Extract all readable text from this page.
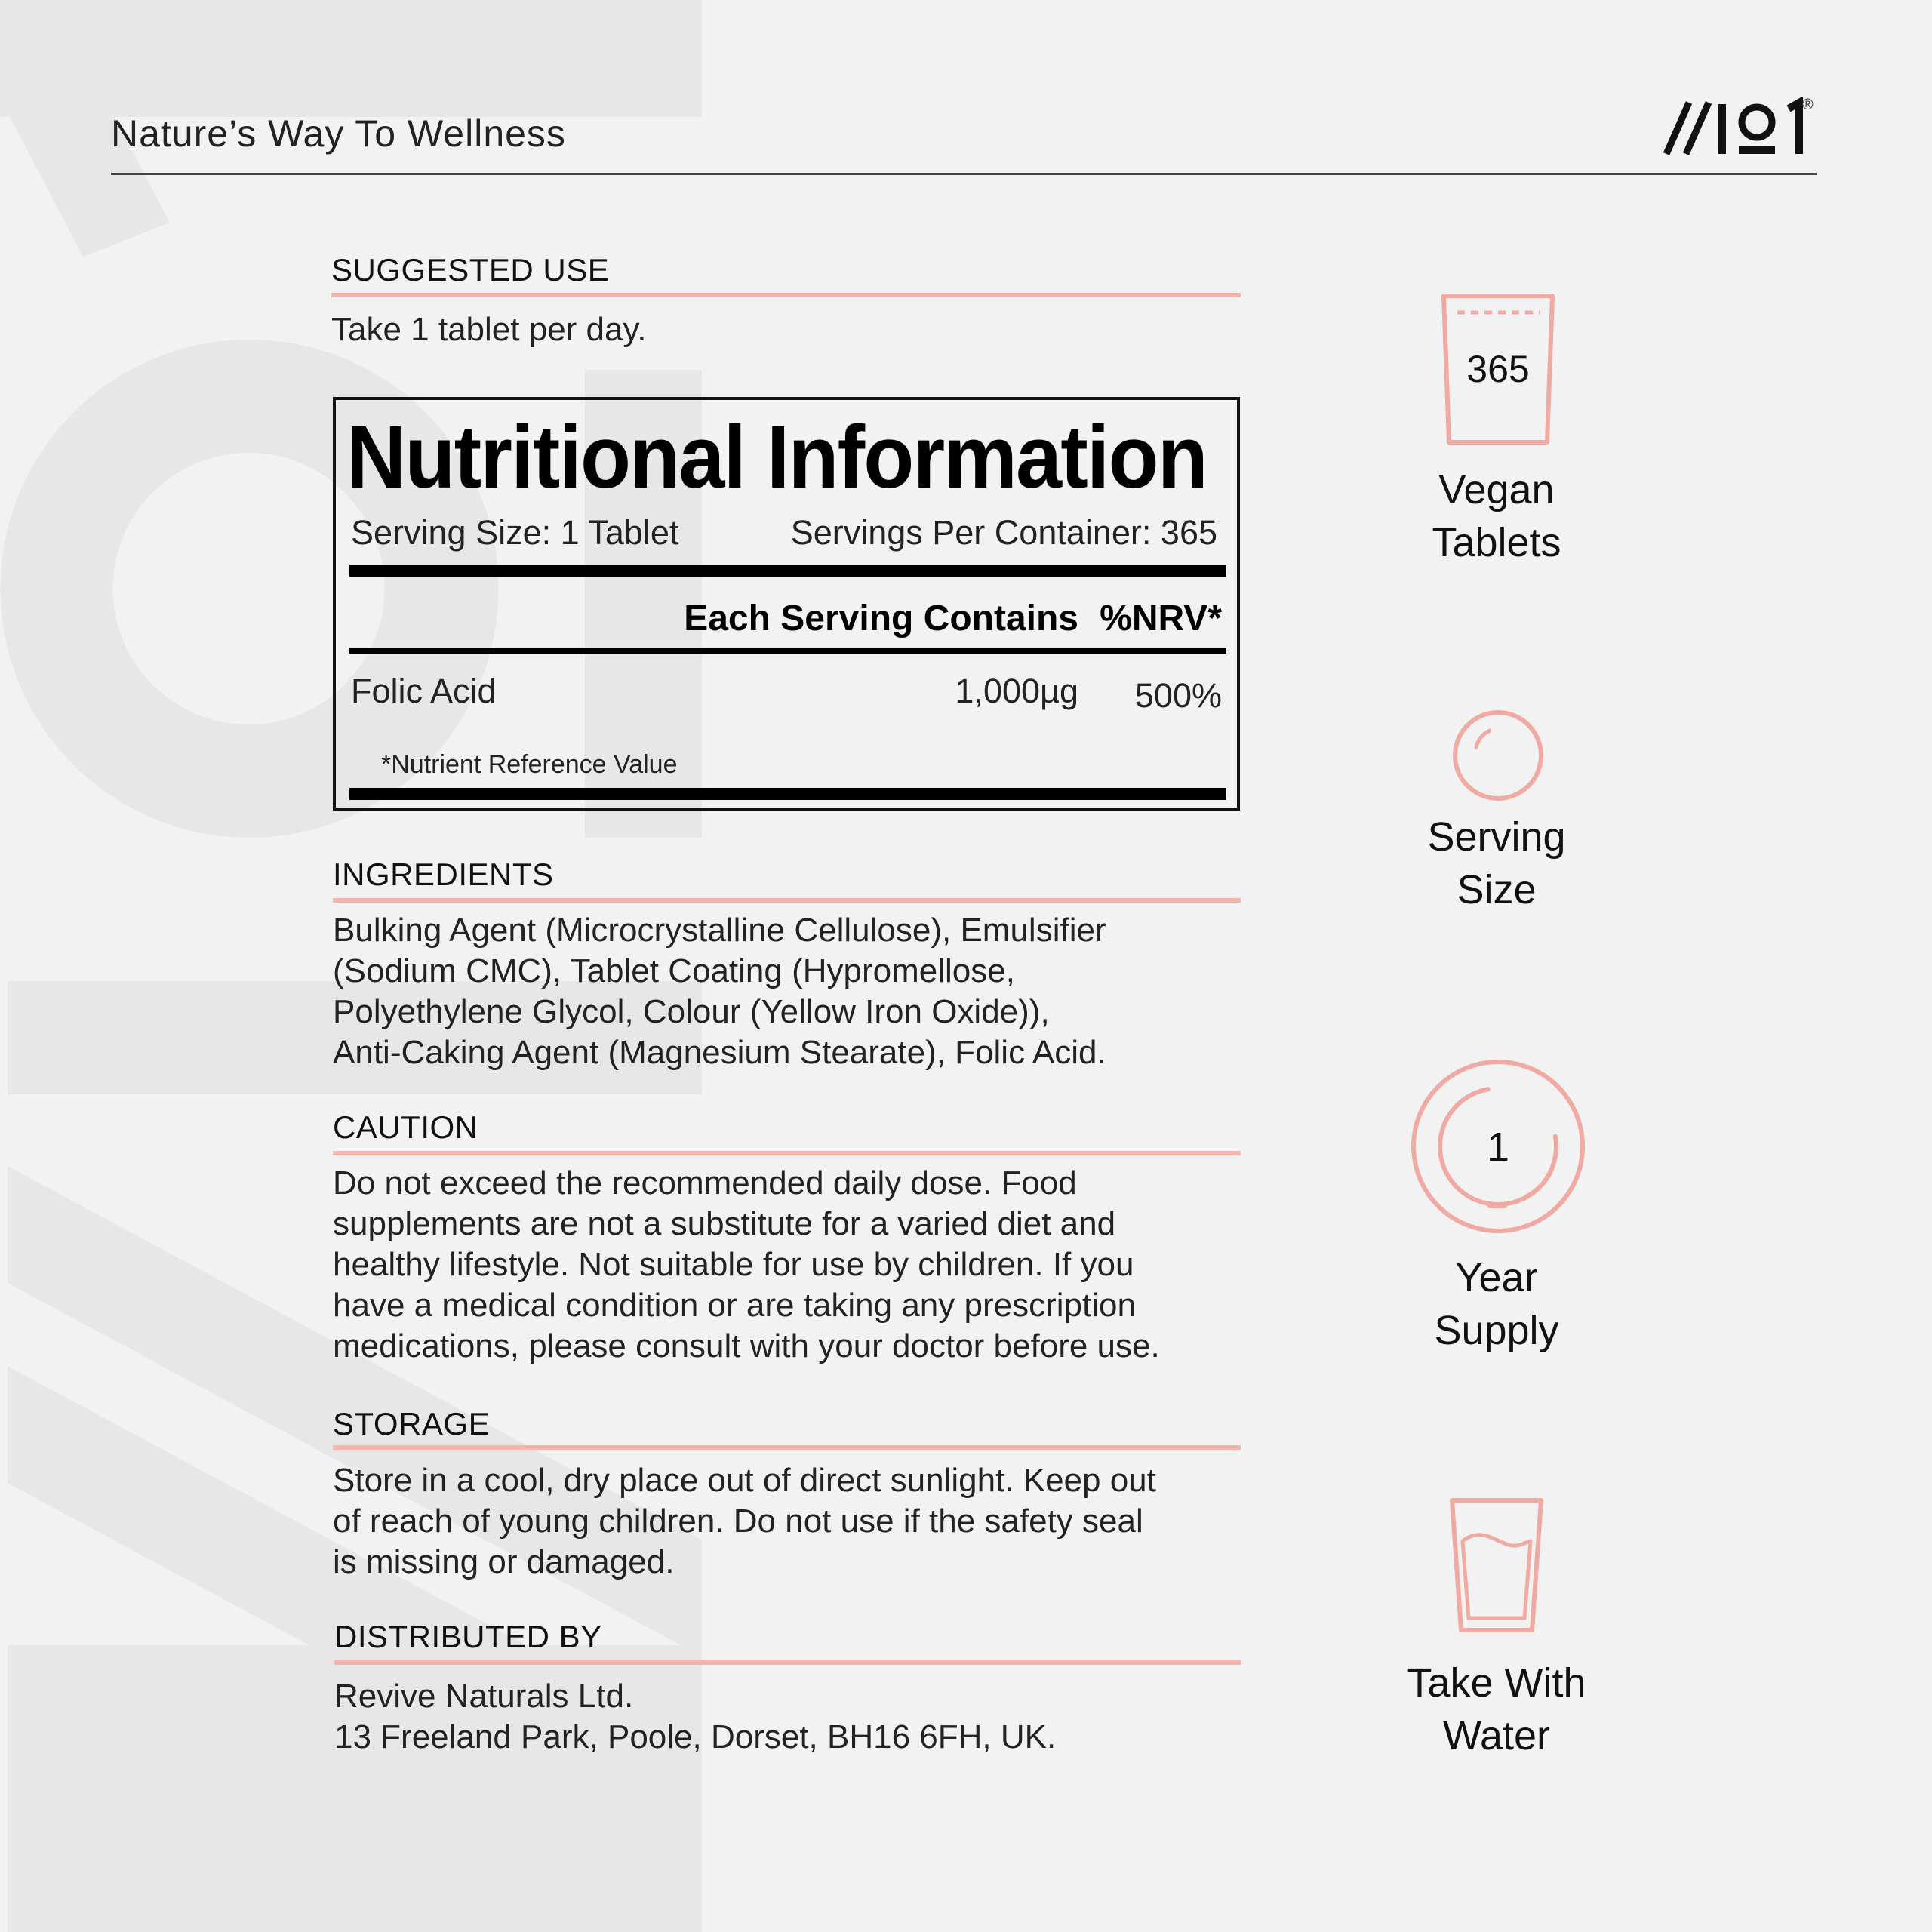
Nature’s Way To Wellness
®
SUGGESTED USE
Take 1 tablet per day.
Nutritional Information
Serving Size: 1 Tablet	Servings Per Container: 365
Each Serving Contains %NRV*
Folic Acid	1,000µg 500%
*Nutrient Reference Value
INGREDIENTS
Bulking Agent (Microcrystalline Cellulose), Emulsifier
(Sodium CMC), Tablet Coating (Hypromellose,
Polyethylene Glycol, Colour (Yellow Iron Oxide)),
Anti-Caking Agent (Magnesium Stearate), Folic Acid.
CAUTION
Do not exceed the recommended daily dose. Food
supplements are not a substitute for a varied diet and
healthy lifestyle. Not suitable for use by children. If you
have a medical condition or are taking any prescription
medications, please consult with your doctor before use.
STORAGE
Store in a cool, dry place out of direct sunlight. Keep out
of reach of young children. Do not use if the safety seal
is missing or damaged.
DISTRIBUTED BY
Revive Naturals Ltd.
13 Freeland Park, Poole, Dorset, BH16 6FH, UK.
365
Vegan
Tablets
Serving
Size
1
Year
Supply
Take With
Water
